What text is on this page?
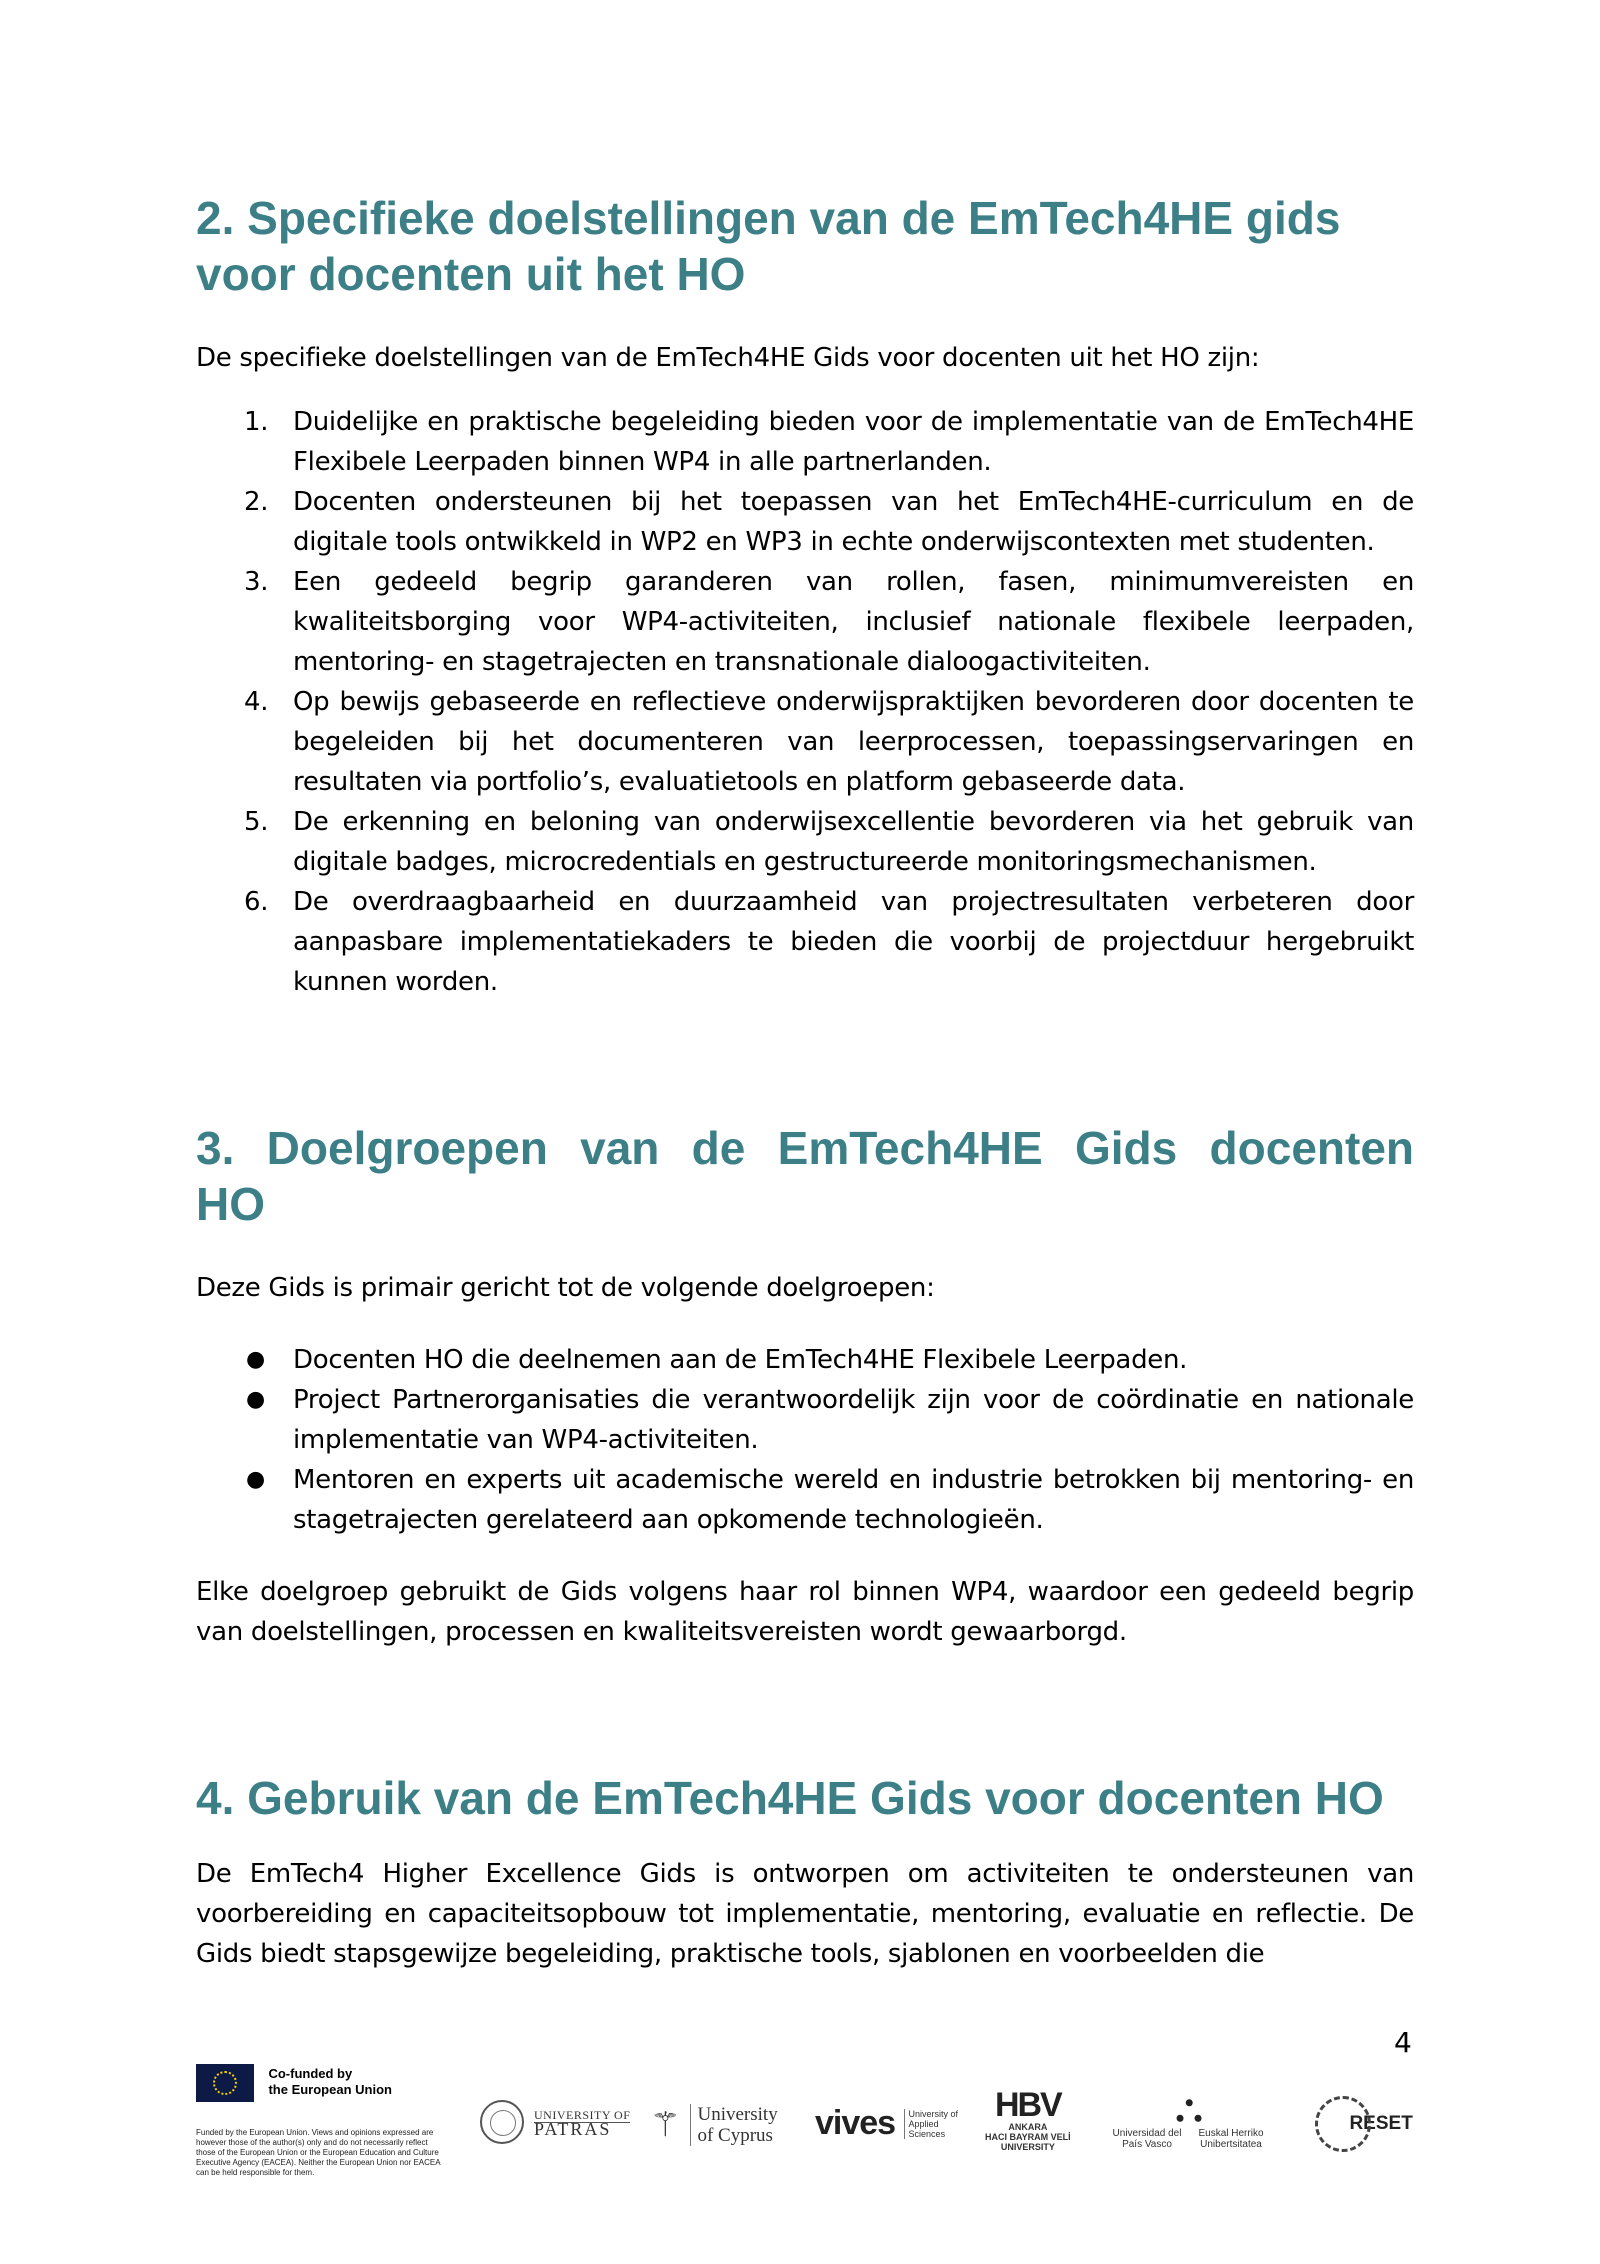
2. Specifieke doelstellingen van de EmTech4HE gids voor docenten uit het HO

De specifieke doelstellingen van de EmTech4HE Gids voor docenten uit het HO zijn:

1. Duidelijke en praktische begeleiding bieden voor de implementatie van de EmTech4HE Flexibele Leerpaden binnen WP4 in alle partnerlanden.
2. Docenten ondersteunen bij het toepassen van het EmTech4HE-curriculum en de digitale tools ontwikkeld in WP2 en WP3 in echte onderwijscontexten met studenten.
3. Een gedeeld begrip garanderen van rollen, fasen, minimumvereisten en kwaliteitsborging voor WP4-activiteiten, inclusief nationale flexibele leerpaden, mentoring- en stagetrajecten en transnationale dialoogactiviteiten.
4. Op bewijs gebaseerde en reflectieve onderwijspraktijken bevorderen door docenten te begeleiden bij het documenteren van leerprocessen, toepassingservaringen en resultaten via portfolio’s, evaluatietools en platform gebaseerde data.
5. De erkenning en beloning van onderwijsexcellentie bevorderen via het gebruik van digitale badges, microcredentials en gestructureerde monitoringsmechanismen.
6. De overdraagbaarheid en duurzaamheid van projectresultaten verbeteren door aanpasbare implementatiekaders te bieden die voorbij de projectduur hergebruikt kunnen worden.
3. Doelgroepen van de EmTech4HE Gids docenten
HO

Deze Gids is primair gericht tot de volgende doelgroepen:

● Docenten HO die deelnemen aan de EmTech4HE Flexibele Leerpaden.
● Project Partnerorganisaties die verantwoordelijk zijn voor de coördinatie en nationale implementatie van WP4-activiteiten.
● Mentoren en experts uit academische wereld en industrie betrokken bij mentoring- en stagetrajecten gerelateerd aan opkomende technologieën.

Elke doelgroep gebruikt de Gids volgens haar rol binnen WP4, waardoor een gedeeld begrip van doelstellingen, processen en kwaliteitsvereisten wordt gewaarborgd.

4. Gebruik van de EmTech4HE Gids voor docenten HO

De EmTech4 Higher Excellence Gids is ontworpen om activiteiten te ondersteunen van voorbereiding en capaciteitsopbouw tot implementatie, mentoring, evaluatie en reflectie. De Gids biedt stapsgewijze begeleiding, praktische tools, sjablonen en voorbeelden die

4
Co-funded by
the European Union
Funded by the European Union. Views and opinions expressed are however those of the author(s) only and do not necessarily reflect those of the European Union or the European Education and Culture Executive Agency (EACEA). Neither the European Union nor EACEA can be held responsible for them.
UNIVERSITY OF
PATRAS	⚚ University
of Cyprus vives University of Applied Sciences
HBV
ANKARA
HACI BAYRAM VELİ
UNIVERSITY
⛬
Universidad del País Vasco
Euskal Herriko Unibertsitatea
RESET
